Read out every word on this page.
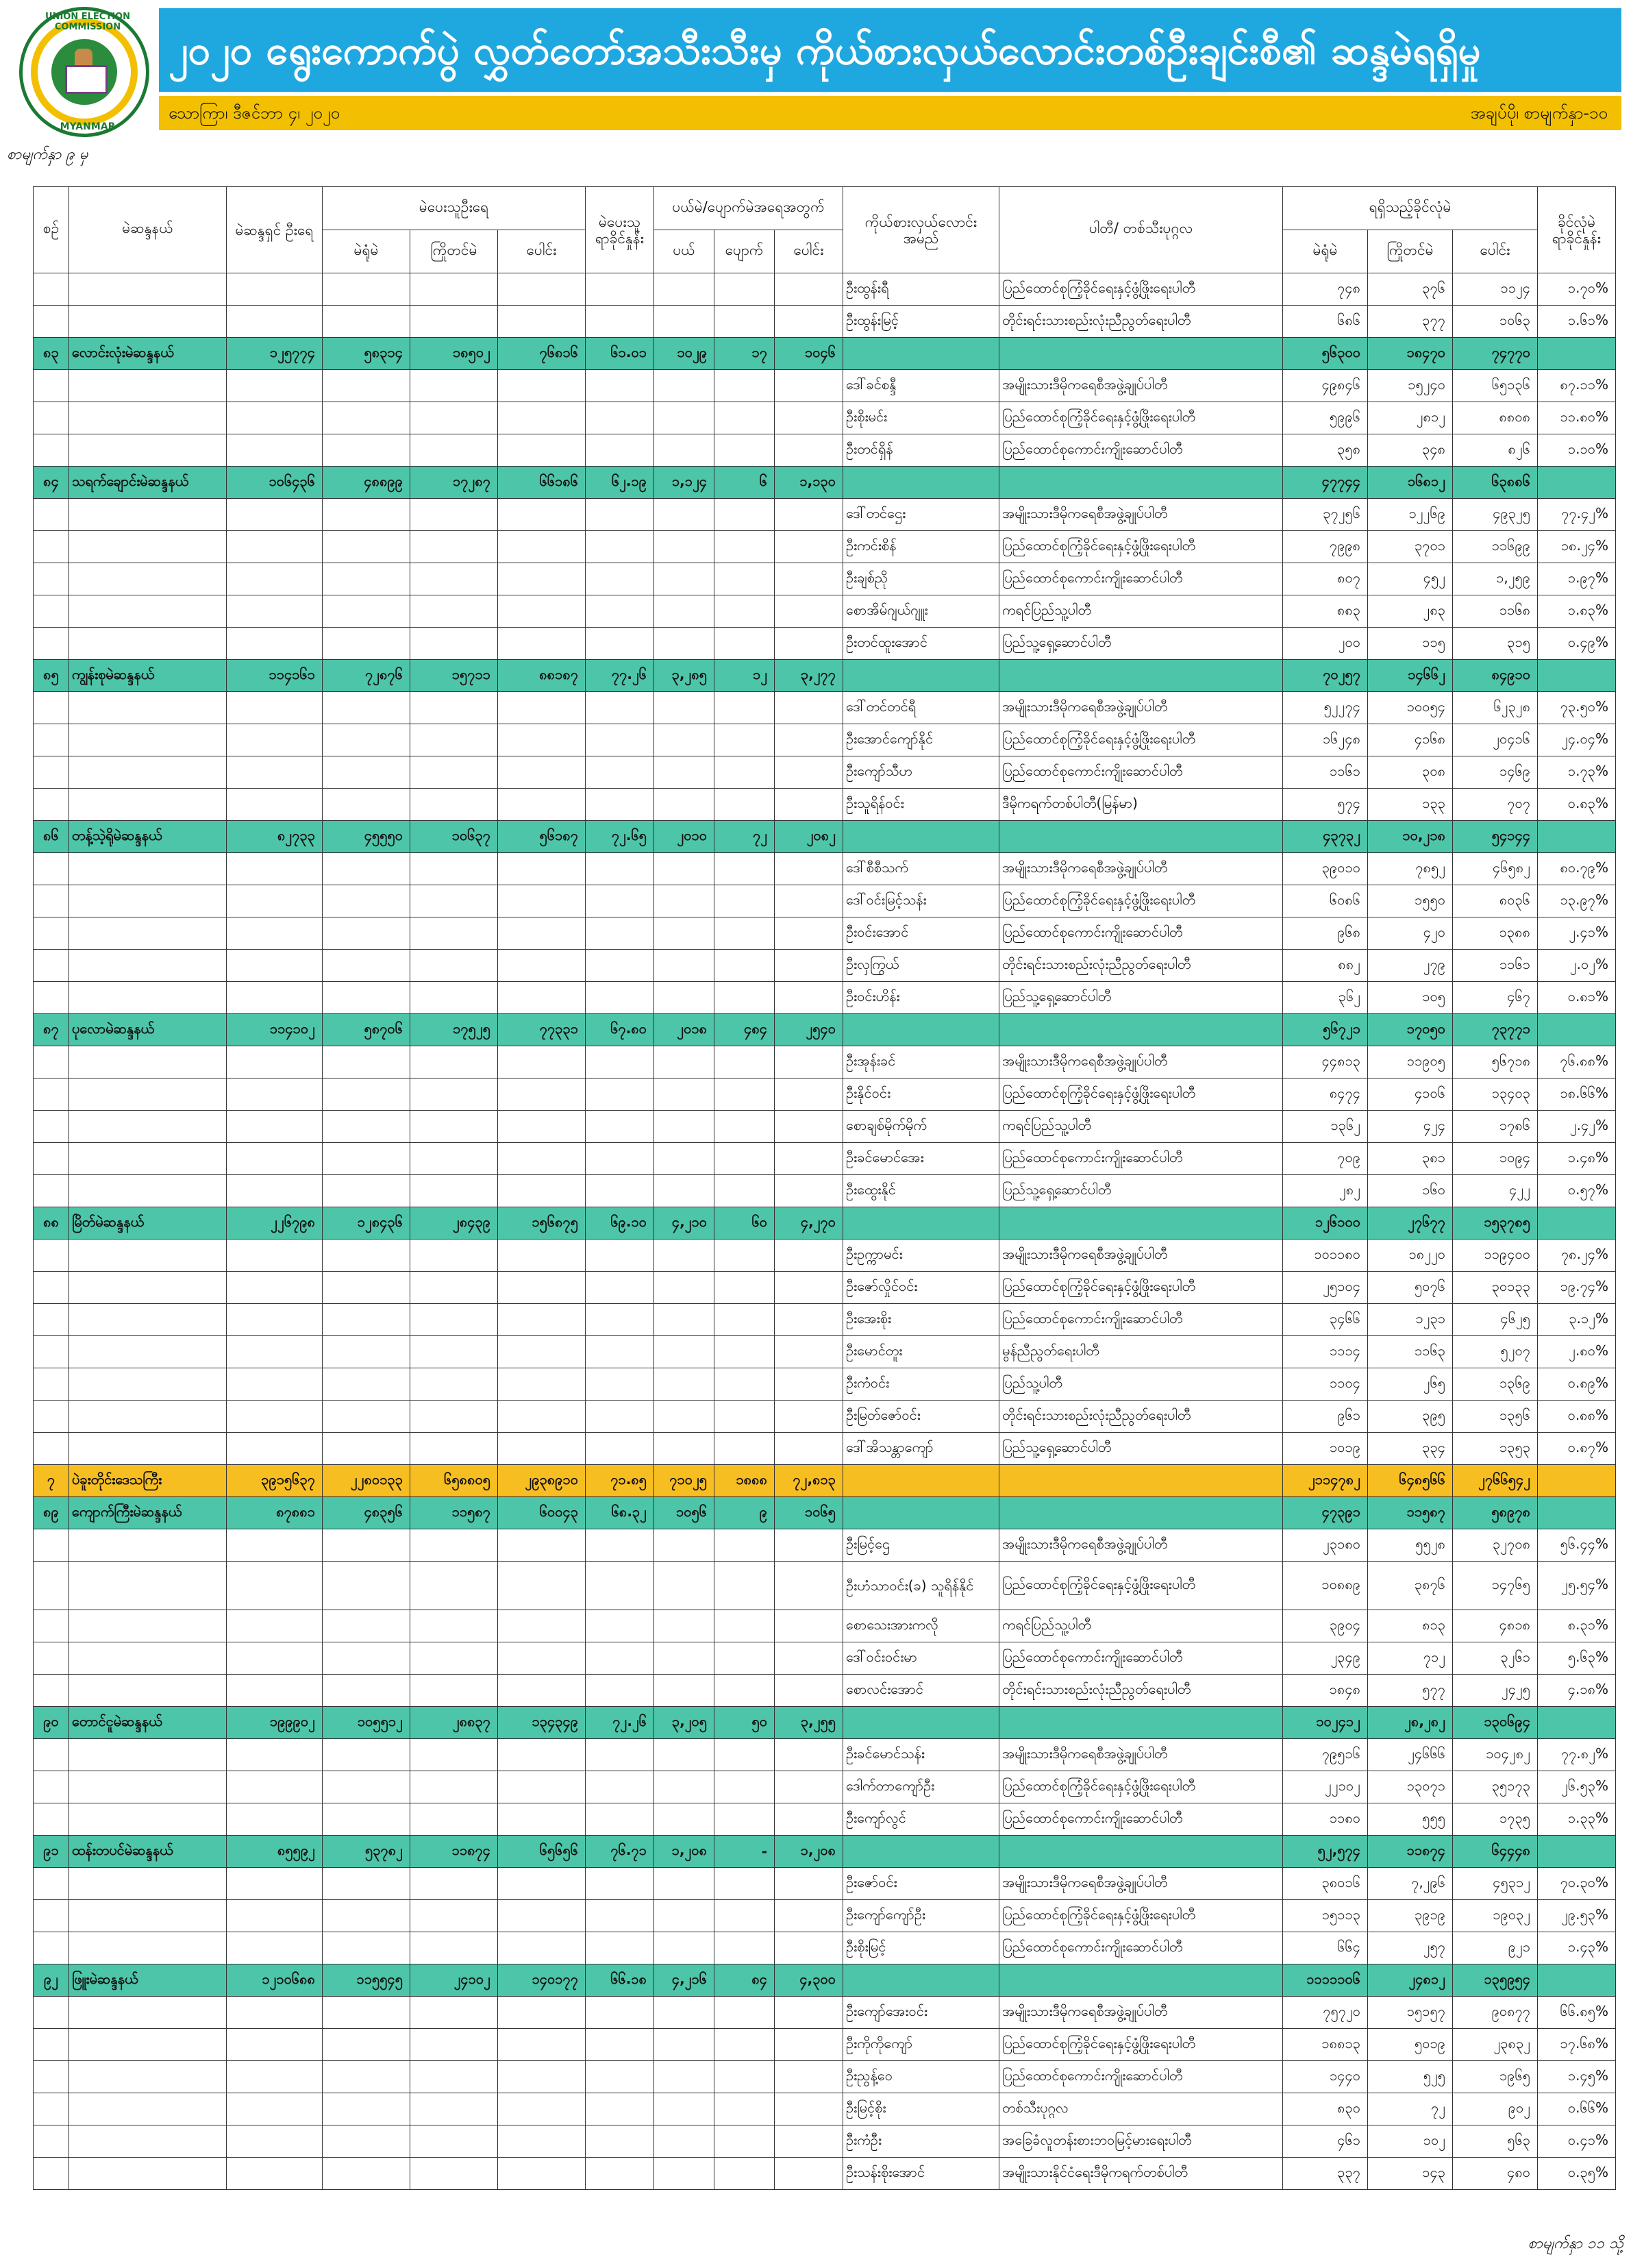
UNION ELECTION COMMISSION
MYANMAR
၂၀၂၀ ရွေးကောက်ပွဲ လွှတ်တော်အသီးသီးမှ ကိုယ်စားလှယ်လောင်းတစ်ဦးချင်းစီ၏ ဆန္ဒမဲရရှိမှု
သောကြာ၊ ဒီဇင်ဘာ ၄၊ ၂၀၂၀	အချပ်ပို၊ စာမျက်နှာ-၁၀
စာမျက်နှာ ၉ မှ
စဉ်	မဲဆန္ဒနယ်	မဲဆန္ဒရှင် ဦးရေ	မဲပေးသူဦးရေ			မဲပေးသူ ရာခိုင်နှုန်း	ပယ်မဲ/ပျောက်မဲအရေအတွက်			ကိုယ်စားလှယ်လောင်း အမည်	ပါတီ/ တစ်သီးပုဂ္ဂလ	ရရှိသည့်ခိုင်လုံမဲ			ခိုင်လုံမဲ ရာခိုင်နှုန်း
			မဲရုံမဲ	ကြိုတင်မဲ	ပေါင်း		ပယ်	ပျောက်	ပေါင်း			မဲရုံမဲ	ကြိုတင်မဲ	ပေါင်း	
										ဦးထွန်းရီ	ပြည်ထောင်စုကြံ့ခိုင်ရေးနှင့်ဖွံ့ဖြိုးရေးပါတီ	၇၄၈	၃၇၆	၁၁၂၄	၁.၇၀%
										ဦးထွန်းမြင့်	တိုင်းရင်းသားစည်းလုံးညီညွတ်ရေးပါတီ	၆၈၆	၃၇၇	၁၀၆၃	၁.၆၁%
၈၃	လောင်းလုံးမဲဆန္ဒနယ်	၁၂၅၇၇၄	၅၈၃၁၄	၁၈၅၀၂	၇၆၈၁၆	၆၁.၀၁	၁၀၂၉	၁၇	၁၀၄၆			၅၆၃၀၀	၁၈၄၇၀	၇၄၇၇၀	
										ဒေါ်ခင်စန္ဒီ	အမျိုးသားဒီမိုကရေစီအဖွဲ့ချုပ်ပါတီ	၄၉၈၄၆	၁၅၂၄၀	၆၅၁၃၆	၈၇.၁၁%
										ဦးစိုးမင်း	ပြည်ထောင်စုကြံ့ခိုင်ရေးနှင့်ဖွံ့ဖြိုးရေးပါတီ	၅၉၉၆	၂၈၁၂	၈၈၀၈	၁၁.၈၀%
										ဦးတင်ရှိန်	ပြည်ထောင်စုကောင်းကျိုးဆောင်ပါတီ	၃၅၈	၃၄၈	၈၂၆	၁.၁၀%
၈၄	သရက်ချောင်းမဲဆန္ဒနယ်	၁၀၆၄၃၆	၄၈၈၉၉	၁၇၂၈၇	၆၆၁၈၆	၆၂.၁၉	၁,၁၂၄	၆	၁,၁၃၀			၄၇၇၄၄	၁၆၈၁၂	၆၃၈၈၆	
										ဒေါ်တင်ဌေး	အမျိုးသားဒီမိုကရေစီအဖွဲ့ချုပ်ပါတီ	၃၇၂၅၆	၁၂၂၆၉	၄၉၃၂၅	၇၇.၄၂%
										ဦးကင်းစိန်	ပြည်ထောင်စုကြံ့ခိုင်ရေးနှင့်ဖွံ့ဖြိုးရေးပါတီ	၇၉၉၈	၃၇၀၁	၁၁၆၉၉	၁၈.၂၄%
										ဦးချစ်ညို	ပြည်ထောင်စုကောင်းကျိုးဆောင်ပါတီ	၈၀၇	၄၅၂	၁,၂၅၉	၁.၉၇%
										စောအိမ်ဂျယ်ဂျူး	ကရင်ပြည်သူ့ပါတီ	၈၈၃	၂၈၃	၁၁၆၈	၁.၈၃%
										ဦးတင်ထူးအောင်	ပြည်သူ့ရှေ့ဆောင်ပါတီ	၂၀၀	၁၁၅	၃၁၅	၀.၄၉%
၈၅	ကျွန်းစုမဲဆန္ဒနယ်	၁၁၄၁၆၁	၇၂၈၇၆	၁၅၇၁၁	၈၈၁၈၇	၇၇.၂၆	၃,၂၈၅	၁၂	၃,၂၇၇			၇၀၂၅၇	၁၄၆၆၂	၈၄၉၁၀	
										ဒေါ်တင်တင်ရီ	အမျိုးသားဒီမိုကရေစီအဖွဲ့ချုပ်ပါတီ	၅၂၂၇၄	၁၀၀၅၄	၆၂၃၂၈	၇၃.၅၀%
										ဦးအောင်ကျော်နိုင်	ပြည်ထောင်စုကြံ့ခိုင်ရေးနှင့်ဖွံ့ဖြိုးရေးပါတီ	၁၆၂၄၈	၄၁၆၈	၂၀၄၁၆	၂၄.၀၄%
										ဦးကျော်သီဟ	ပြည်ထောင်စုကောင်းကျိုးဆောင်ပါတီ	၁၁၆၁	၃၀၈	၁၄၆၉	၁.၇၃%
										ဦးသူရိန်ဝင်း	ဒီမိုကရက်တစ်ပါတီ(မြန်မာ)	၅၇၄	၁၃၃	၇၀၇	၀.၈၃%
၈၆	တန့်သဲ့ရိုမဲဆန္ဒနယ်	၈၂၇၃၃	၄၅၅၅၀	၁၀၆၃၇	၅၆၁၈၇	၇၂.၆၅	၂၀၁၀	၇၂	၂၀၈၂			၄၃၇၃၂	၁၀,၂၁၈	၅၄၁၄၄	
										ဒေါ်စီစီသက်	အမျိုးသားဒီမိုကရေစီအဖွဲ့ချုပ်ပါတီ	၃၉၀၁၀	၇၈၅၂	၄၆၅၈၂	၈၀.၇၉%
										ဒေါ်ဝင်းမြင့်သန်း	ပြည်ထောင်စုကြံ့ခိုင်ရေးနှင့်ဖွံ့ဖြိုးရေးပါတီ	၆၀၈၆	၁၅၅၀	၈၀၃၆	၁၃.၉၇%
										ဦးဝင်းအောင်	ပြည်ထောင်စုကောင်းကျိုးဆောင်ပါတီ	၉၆၈	၄၂၀	၁၃၈၈	၂.၄၁%
										ဦးလှကြွယ်	တိုင်းရင်းသားစည်းလုံးညီညွတ်ရေးပါတီ	၈၈၂	၂၇၉	၁၁၆၁	၂.၀၂%
										ဦးဝင်းဟိန်း	ပြည်သူ့ရှေ့ဆောင်ပါတီ	၃၆၂	၁၀၅	၄၆၇	၀.၈၁%
၈၇	ပုလောမဲဆန္ဒနယ်	၁၁၄၁၀၂	၅၈၇၀၆	၁၇၅၂၅	၇၇၃၃၁	၆၇.၈၀	၂၀၁၈	၄၈၄	၂၅၄၀			၅၆၇၂၁	၁၇၀၅၀	၇၃၇၇၁	
										ဦးအုန်းခင်	အမျိုးသားဒီမိုကရေစီအဖွဲ့ချုပ်ပါတီ	၄၄၈၁၃	၁၁၉၀၅	၅၆၇၁၈	၇၆.၈၈%
										ဦးနိုင်ဝင်း	ပြည်ထောင်စုကြံ့ခိုင်ရေးနှင့်ဖွံ့ဖြိုးရေးပါတီ	၈၄၇၄	၄၁၀၆	၁၃၄၀၃	၁၈.၆၆%
										စောချစ်မိုက်မိုက်	ကရင်ပြည်သူ့ပါတီ	၁၃၆၂	၄၂၄	၁၇၈၆	၂.၄၂%
										ဦးခင်မောင်အေး	ပြည်ထောင်စုကောင်းကျိုးဆောင်ပါတီ	၇၀၉	၃၈၁	၁၀၉၄	၁.၄၈%
										ဦးထွေးနိုင်	ပြည်သူ့ရှေ့ဆောင်ပါတီ	၂၈၂	၁၆၀	၄၂၂	၀.၅၇%
၈၈	မြိတ်မဲဆန္ဒနယ်	၂၂၆၇၉၈	၁၂၈၄၃၆	၂၈၄၃၉	၁၅၆၈၇၅	၆၉.၁၀	၄,၂၁၀	၆၀	၄,၂၇၀			၁၂၆၁၀၀	၂၇၆၇၇	၁၅၃၇၈၅	
										ဦးဥက္ကာမင်း	အမျိုးသားဒီမိုကရေစီအဖွဲ့ချုပ်ပါတီ	၁၀၁၁၈၀	၁၈၂၂၀	၁၁၉၄၀၀	၇၈.၂၄%
										ဦးဇော်လှိုင်ဝင်း	ပြည်ထောင်စုကြံ့ခိုင်ရေးနှင့်ဖွံ့ဖြိုးရေးပါတီ	၂၅၁၀၄	၅၀၇၆	၃၀၁၃၃	၁၉.၇၄%
										ဦးအေးစိုး	ပြည်ထောင်စုကောင်းကျိုးဆောင်ပါတီ	၃၄၆၆	၁၂၃၁	၄၆၂၅	၃.၁၂%
										ဦးမောင်တူး	မွန်ညီညွတ်ရေးပါတီ	၁၁၁၄	၁၁၆၃	၅၂၀၇	၂.၈၀%
										ဦးကံဝင်း	ပြည်သူ့ပါတီ	၁၁၀၄	၂၆၅	၁၃၆၉	၀.၈၉%
										ဦးမြတ်ဇော်ဝင်း	တိုင်းရင်းသားစည်းလုံးညီညွတ်ရေးပါတီ	၉၆၁	၃၉၅	၁၃၅၆	၀.၈၈%
										ဒေါ်အိသန္တာကျော်	ပြည်သူ့ရှေ့ဆောင်ပါတီ	၁၀၁၉	၃၃၄	၁၃၅၃	၀.၈၇%
၇	ပဲခူးတိုင်းဒေသကြီး	၃၉၁၅၆၃၇	၂၂၈၀၁၃၃	၆၅၈၈၀၅	၂၉၃၈၉၁၀	၇၁.၈၅	၇၁၀၂၅	၁၈၈၈	၇၂,၈၁၃			၂၁၁၄၇၈၂	၆၄၈၅၆၆	၂၇၆၆၅၄၂	
၈၉	ကျောက်ကြီးမဲဆန္ဒနယ်	၈၇၈၈၁	၄၈၃၅၆	၁၁၅၈၇	၆၀၀၄၃	၆၈.၃၂	၁၀၅၆	၉	၁၀၆၅			၄၇၃၉၁	၁၁၅၈၇	၅၈၉၇၈	
										ဦးမြင့်ဌေ	အမျိုးသားဒီမိုကရေစီအဖွဲ့ချုပ်ပါတီ	၂၃၁၈၀	၅၅၂၈	၃၂၇၀၈	၅၆.၄၄%
										ဦးဟံသာဝင်း(ခ) သူရိန်နိုင်	ပြည်ထောင်စုကြံ့ခိုင်ရေးနှင့်ဖွံ့ဖြိုးရေးပါတီ	၁၀၈၈၉	၃၈၇၆	၁၄၇၆၅	၂၅.၅၄%
										စောသေးအားကလို	ကရင်ပြည်သူ့ပါတီ	၃၉၀၄	၈၁၃	၄၈၁၈	၈.၃၁%
										ဒေါ်ဝင်းဝင်းမာ	ပြည်ထောင်စုကောင်းကျိုးဆောင်ပါတီ	၂၃၄၉	၇၁၂	၃၂၆၁	၅.၆၃%
										စောလင်းအောင်	တိုင်းရင်းသားစည်းလုံးညီညွတ်ရေးပါတီ	၁၈၄၈	၅၇၇	၂၄၂၅	၄.၁၈%
၉၀	တောင်ငူမဲဆန္ဒနယ်	၁၉၉၉၀၂	၁၀၅၅၁၂	၂၈၈၃၇	၁၃၄၃၄၉	၇၂.၂၆	၃,၂၀၅	၅၀	၃,၂၅၅			၁၀၂၄၁၂	၂၈,၂၈၂	၁၃၀၆၉၄	
										ဦးခင်မောင်သန်း	အမျိုးသားဒီမိုကရေစီအဖွဲ့ချုပ်ပါတီ	၇၉၅၁၆	၂၄၆၆၆	၁၀၄၂၈၂	၇၇.၈၂%
										ဒေါက်တာကျော်ဦး	ပြည်ထောင်စုကြံ့ခိုင်ရေးနှင့်ဖွံ့ဖြိုးရေးပါတီ	၂၂၁၀၂	၁၃၀၇၁	၃၅၁၇၃	၂၆.၅၃%
										ဦးကျော်လွင်	ပြည်ထောင်စုကောင်းကျိုးဆောင်ပါတီ	၁၁၈၀	၅၅၅	၁၇၃၅	၁.၃၃%
၉၁	ထန်းတပင်မဲဆန္ဒနယ်	၈၅၅၉၂	၅၃၇၈၂	၁၁၈၇၄	၆၅၆၅၆	၇၆.၇၁	၁,၂၀၈	-	၁,၂၀၈			၅၂,၅၇၄	၁၁၈၇၄	၆၄၄၄၈	
										ဦးဇော်ဝင်း	အမျိုးသားဒီမိုကရေစီအဖွဲ့ချုပ်ပါတီ	၃၈၀၁၆	၇,၂၉၆	၄၅၃၁၂	၇၀.၃၀%
										ဦးကျော်ကျော်ဦး	ပြည်ထောင်စုကြံ့ခိုင်ရေးနှင့်ဖွံ့ဖြိုးရေးပါတီ	၁၅၁၁၃	၃၉၁၉	၁၉၀၃၂	၂၉.၅၃%
										ဦးစိုးမြင့်	ပြည်ထောင်စုကောင်းကျိုးဆောင်ပါတီ	၆၆၄	၂၅၇	၉၂၁	၁.၄၃%
၉၂	ဖြူးမဲဆန္ဒနယ်	၁၂၁၀၆၈၈	၁၁၅၅၄၅	၂၄၁၀၂	၁၄၀၁၇၇	၆၆.၁၈	၄,၂၁၆	၈၄	၄,၃၀၀			၁၁၁၁၁၀၆	၂၄၈၁၂	၁၃၅၉၅၄	
										ဦးကျော်အေးဝင်း	အမျိုးသားဒီမိုကရေစီအဖွဲ့ချုပ်ပါတီ	၇၅၇၂၀	၁၅၁၅၇	၉၀၈၇၇	၆၆.၈၅%
										ဦးကိုကိုကျော်	ပြည်ထောင်စုကြံ့ခိုင်ရေးနှင့်ဖွံ့ဖြိုးရေးပါတီ	၁၈၈၁၃	၅၀၁၉	၂၃၈၃၂	၁၇.၆၈%
										ဦးညွန့်ဝေ	ပြည်ထောင်စုကောင်းကျိုးဆောင်ပါတီ	၁၄၄၀	၅၂၅	၁၉၆၅	၁.၄၅%
										ဦးမြင့်စိုး	တစ်သီးပုဂ္ဂလ	၈၃၀	၇၂	၉၀၂	၀.၆၆%
										ဦးကံဦး	အခြေခံလူတန်းစားဘဝမြင့်မားရေးပါတီ	၄၆၁	၁၀၂	၅၆၃	၀.၄၁%
										ဦးသန်းစိုးအောင်	အမျိုးသားနိုင်ငံရေးဒီမိုကရက်တစ်ပါတီ	၃၃၇	၁၄၃	၄၈၀	၀.၃၅%
စာမျက်နှာ ၁၁ သို့
